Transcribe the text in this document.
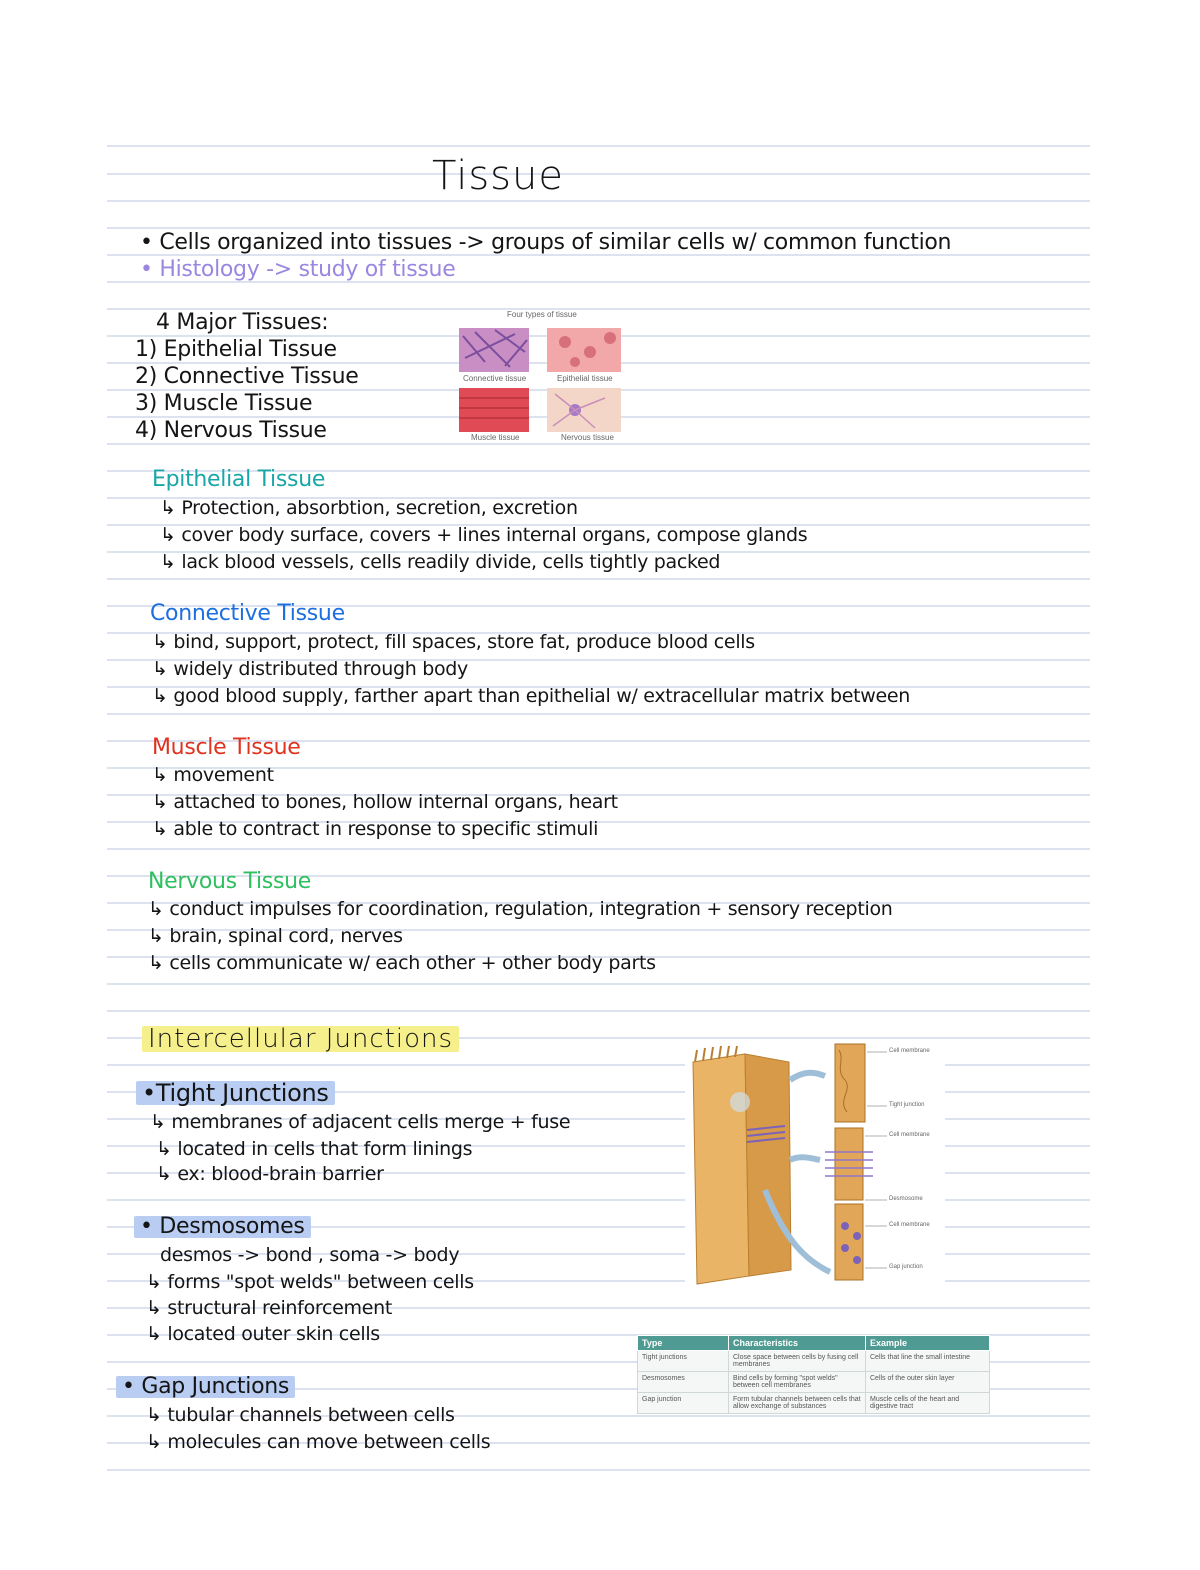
Tissue
• Cells organized into tissues -> groups of similar cells w/ common function
• Histology -> study of tissue
4 Major Tissues:
1) Epithelial Tissue
2) Connective Tissue
3) Muscle Tissue
4) Nervous Tissue
Four types of tissue
Connective tissue	Epithelial tissue
Muscle tissue	Nervous tissue
Epithelial Tissue
↳ Protection, absorbtion, secretion, excretion
↳ cover body surface, covers + lines internal organs, compose glands
↳ lack blood vessels, cells readily divide, cells tightly packed
Connective Tissue
↳ bind, support, protect, fill spaces, store fat, produce blood cells
↳ widely distributed through body
↳ good blood supply, farther apart than epithelial w/ extracellular matrix between
Muscle Tissue
↳ movement
↳ attached to bones, hollow internal organs, heart
↳ able to contract in response to specific stimuli
Nervous Tissue
↳ conduct impulses for coordination, regulation, integration + sensory reception
↳ brain, spinal cord, nerves
↳ cells communicate w/ each other + other body parts
Intercellular Junctions
•Tight Junctions
↳ membranes of adjacent cells merge + fuse
↳ located in cells that form linings
↳ ex: blood-brain barrier
• Desmosomes
desmos -> bond , soma -> body
↳ forms "spot welds" between cells
↳ structural reinforcement
↳ located outer skin cells
• Gap Junctions
↳ tubular channels between cells
↳ molecules can move between cells
Cell membrane
Tight junction
Cell membrane
Desmosome
Cell membrane
Gap junction
Type	Characteristics	Example
Tight junctions	Close space between cells by fusing cell membranes	Cells that line the small intestine
Desmosomes	Bind cells by forming "spot welds" between cell membranes	Cells of the outer skin layer
Gap junction	Form tubular channels between cells that allow exchange of substances	Muscle cells of the heart and digestive tract
